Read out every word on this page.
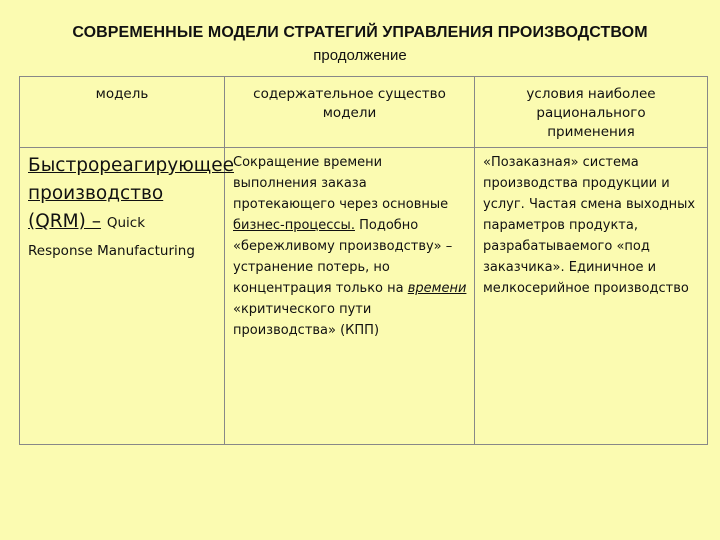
СОВРЕМЕННЫЕ МОДЕЛИ СТРАТЕГИЙ УПРАВЛЕНИЯ ПРОИЗВОДСТВОМ
продолжение
модель	содержательное существо модели	условия наиболее рационального применения

Быстрореагирующее производство (QRM) – Quick
Response Manufacturing	Сокращение времени выполнения заказа протекающего через основные бизнес-процессы. Подобно «бережливому производству» –устранение потерь, но концентрация только на времени «критического пути производства» (КПП)	«Позаказная» система производства продукции и услуг. Частая смена выходных параметров продукта, разрабатываемого «под заказчика». Единичное и мелкосерийное производство
